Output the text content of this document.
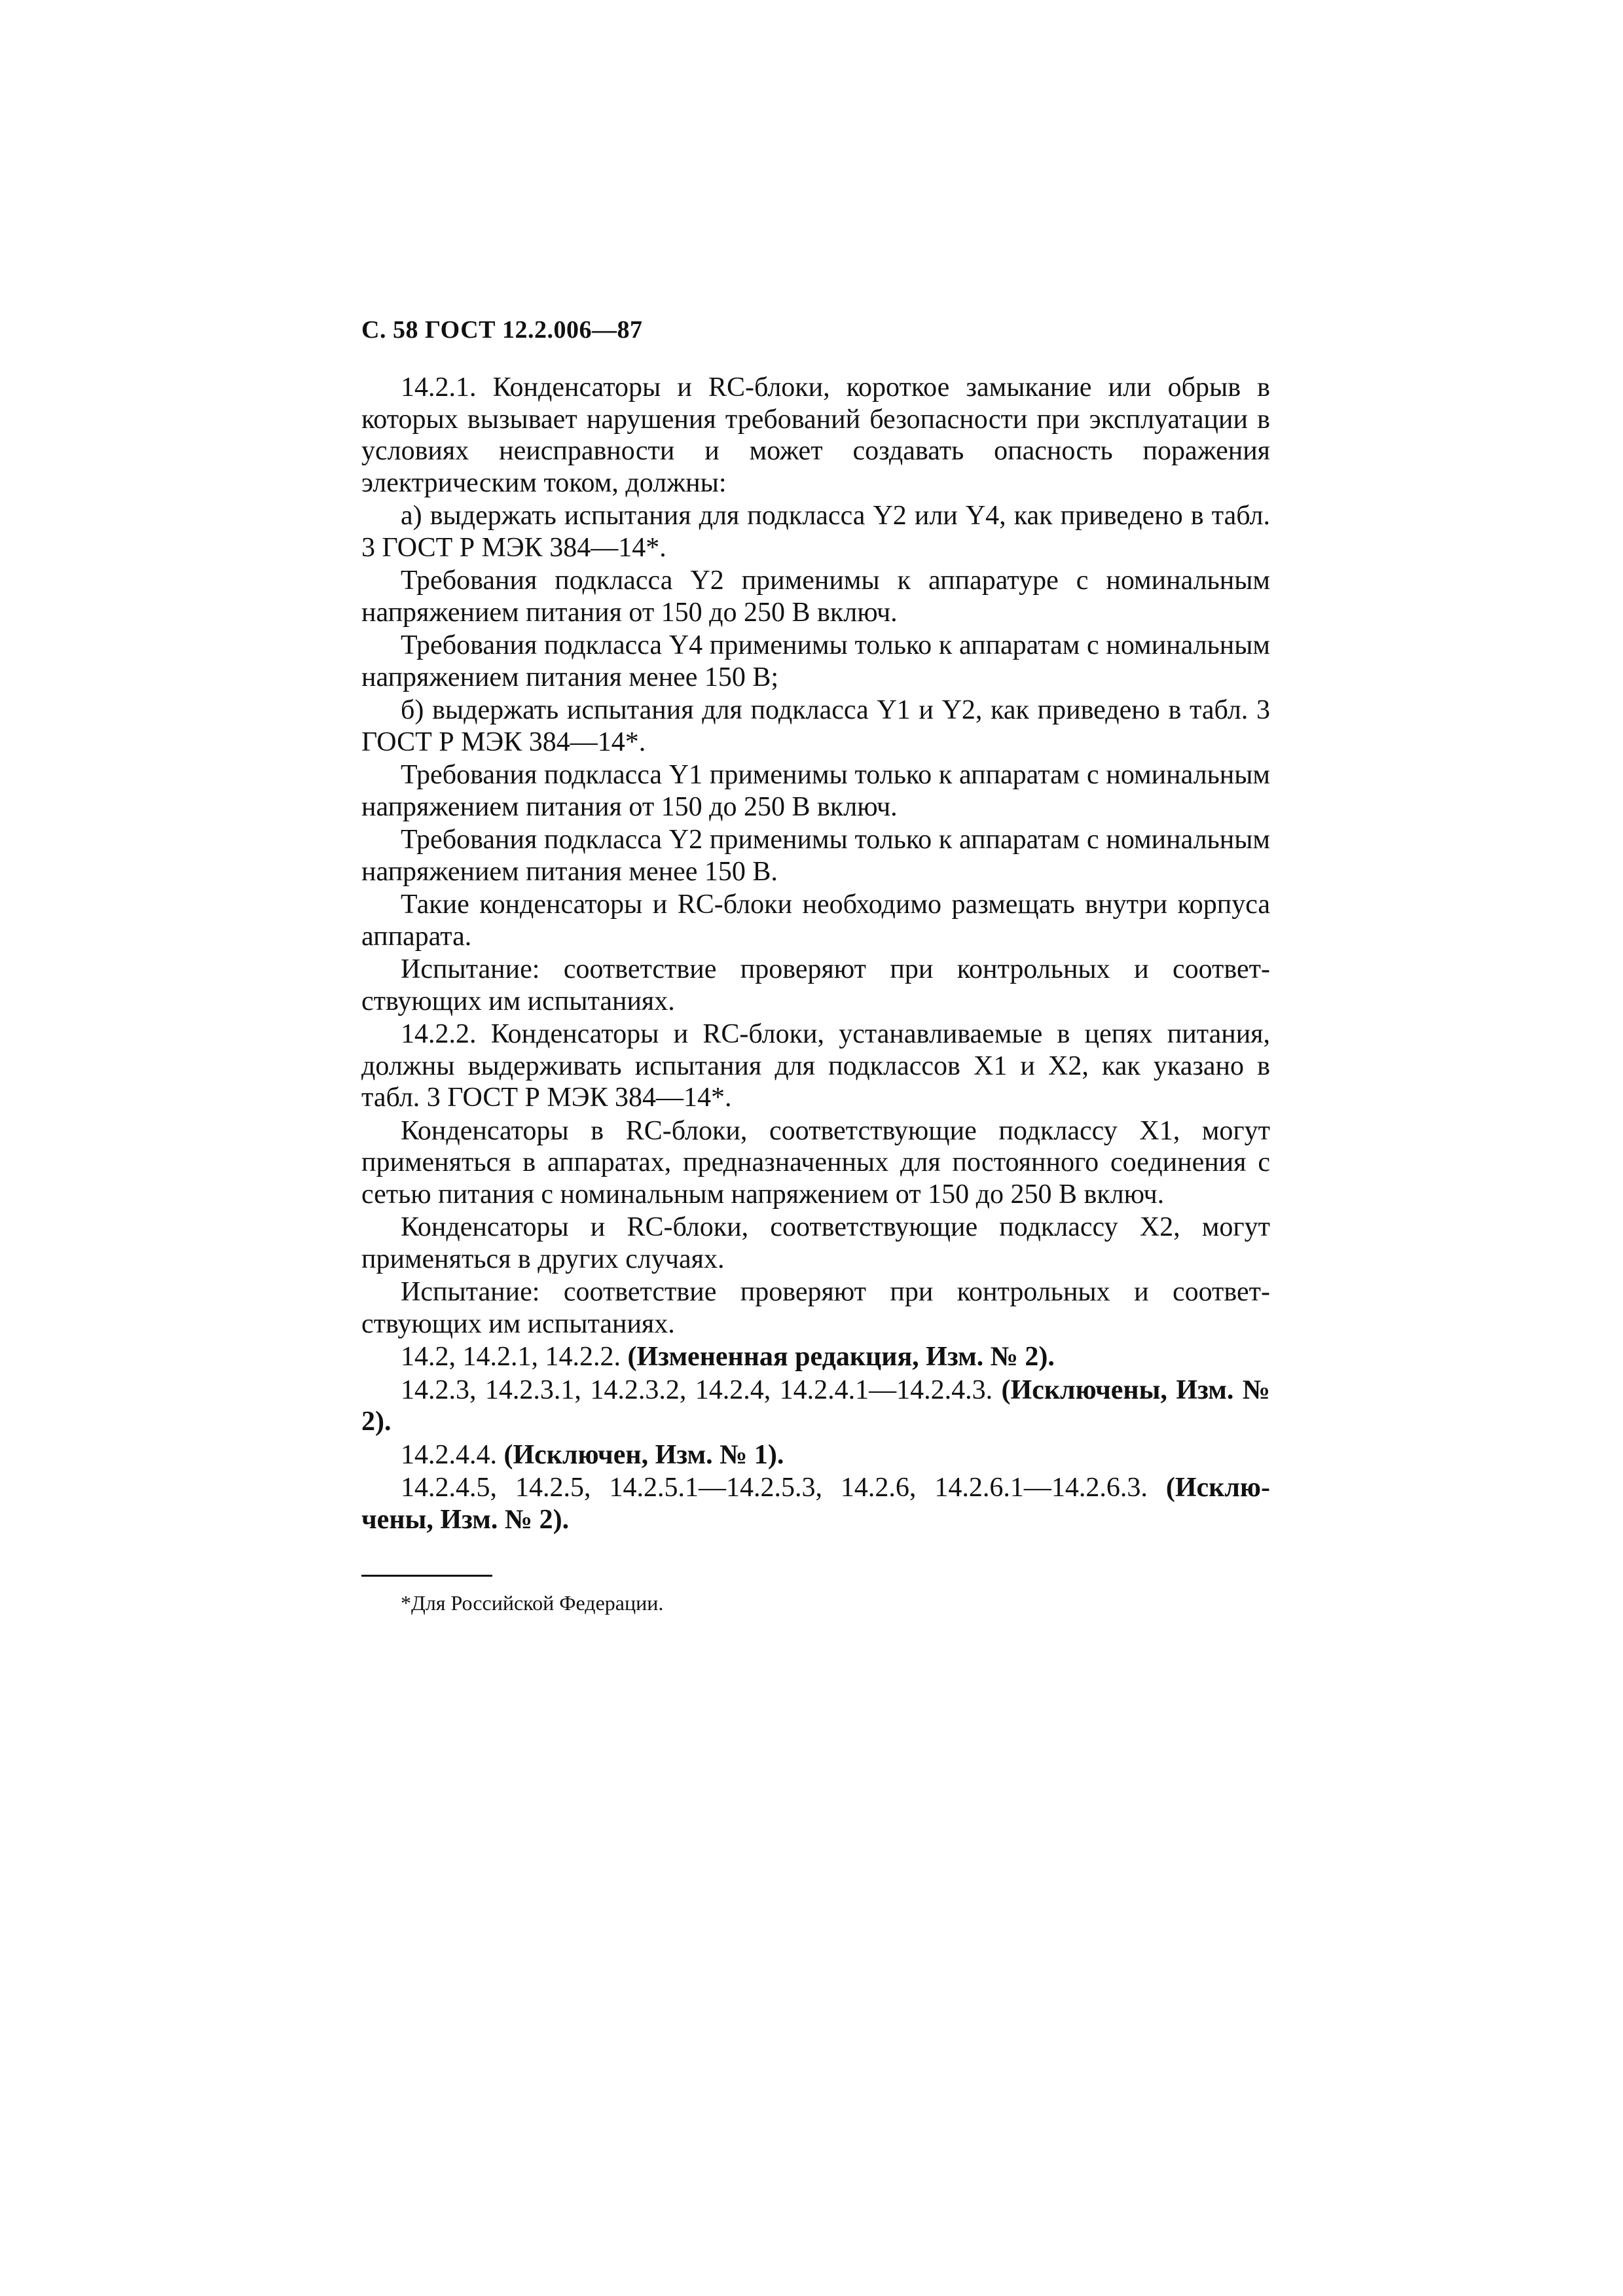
С. 58 ГОСТ 12.2.006—87

14.2.1. Конденсаторы и RC-блоки, короткое замыкание или обрыв в которых вызывает нарушения требований безопасности при эксплуатации в условиях неисправности и может создавать опасность поражения электрическим током, должны:

а) выдержать испытания для подкласса Y2 или Y4, как приведено в табл. 3 ГОСТ Р МЭК 384—14*.

Требования подкласса Y2 применимы к аппаратуре с номинальным напряжением питания от 150 до 250 В включ.

Требования подкласса Y4 применимы только к аппаратам с номинальным напряжением питания менее 150 В;

б) выдержать испытания для подкласса Y1 и Y2, как приведено в табл. 3 ГОСТ Р МЭК 384—14*.

Требования подкласса Y1 применимы только к аппаратам с номинальным напряжением питания от 150 до 250 В включ.

Требования подкласса Y2 применимы только к аппаратам с номинальным напряжением питания менее 150 В.

Такие конденсаторы и RC-блоки необходимо размещать внутри корпуса аппарата.

Испытание: соответствие проверяют при контрольных и соответствующих им испытаниях.

14.2.2. Конденсаторы и RC-блоки, устанавливаемые в цепях питания, должны выдерживать испытания для подклассов X1 и X2, как указано в табл. 3 ГОСТ Р МЭК 384—14*.

Конденсаторы в RC-блоки, соответствующие подклассу X1, могут применяться в аппаратах, предназначенных для постоянного соединения с сетью питания с номинальным напряжением от 150 до 250 В включ.

Конденсаторы и RC-блоки, соответствующие подклассу X2, могут применяться в других случаях.

Испытание: соответствие проверяют при контрольных и соответствующих им испытаниях.

14.2, 14.2.1, 14.2.2. (Измененная редакция, Изм. № 2).

14.2.3, 14.2.3.1, 14.2.3.2, 14.2.4, 14.2.4.1—14.2.4.3. (Исключены, Изм. № 2).

14.2.4.4. (Исключен, Изм. № 1).

14.2.4.5, 14.2.5, 14.2.5.1—14.2.5.3, 14.2.6, 14.2.6.1—14.2.6.3. (Исключены, Изм. № 2).

*Для Российской Федерации.
